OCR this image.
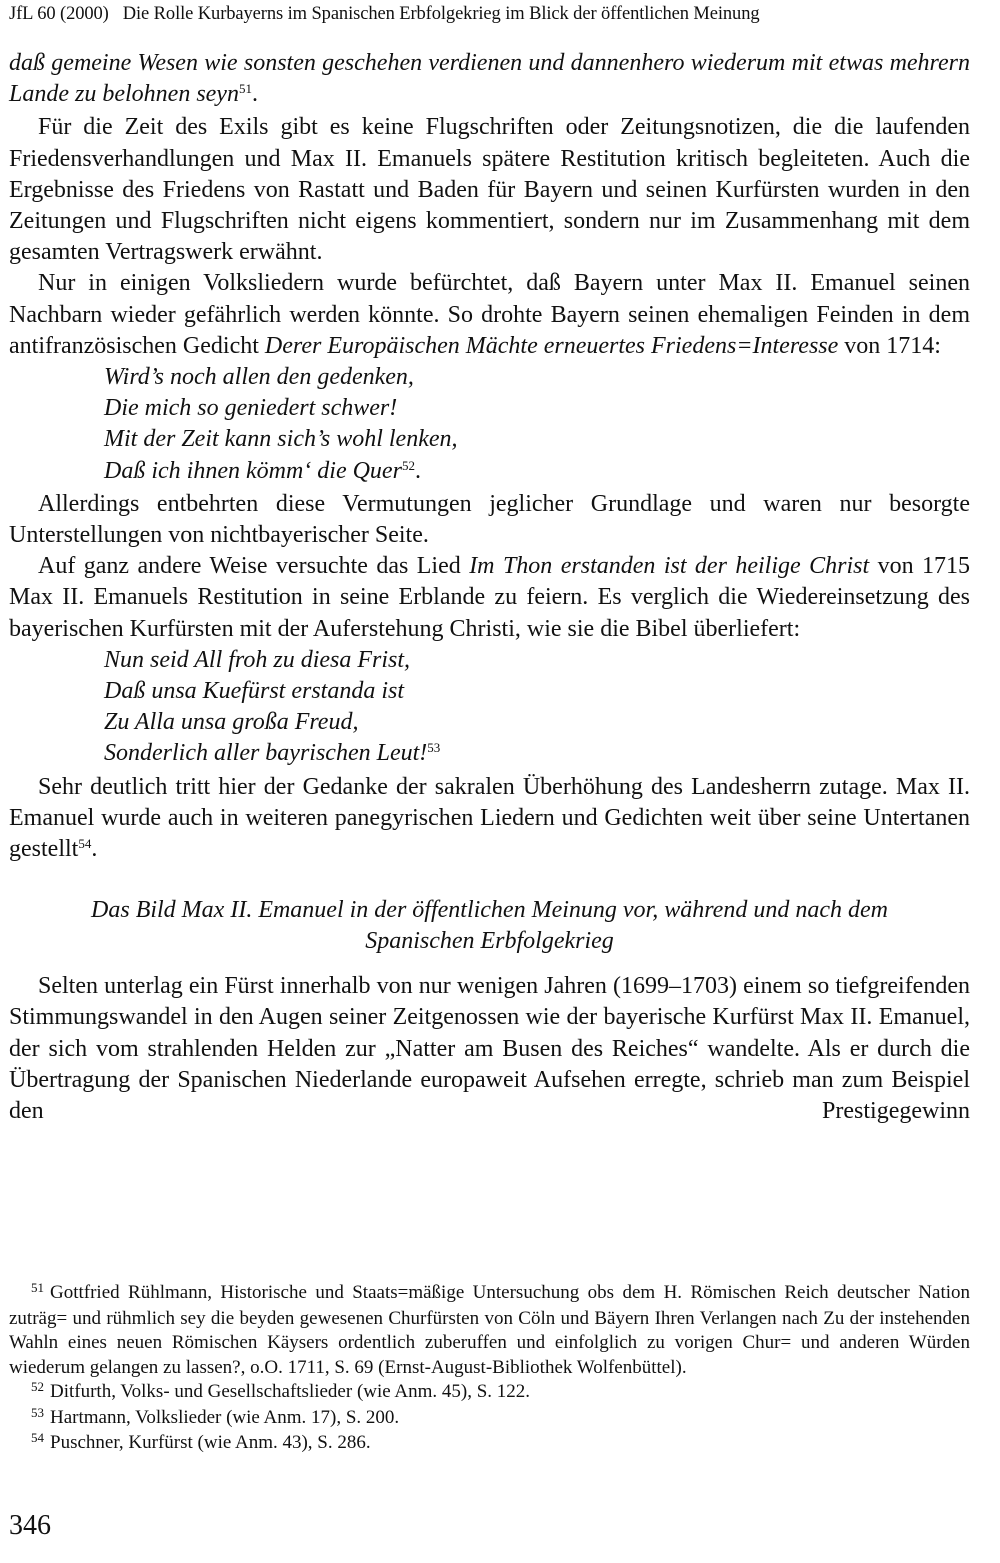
JfL 60 (2000) Die Rolle Kurbayerns im Spanischen Erbfolgekrieg im Blick der öffentlichen Meinung

daß gemeine Wesen wie sonsten geschehen verdienen und dannenhero wiederum mit etwas mehrern Lande zu belohnen seyn$^{51}$.

Für die Zeit des Exils gibt es keine Flugschriften oder Zeitungsnotizen, die die laufenden Friedensverhandlungen und Max II. Emanuels spätere Restitution kritisch begleiteten. Auch die Ergebnisse des Friedens von Rastatt und Baden für Bayern und seinen Kurfürsten wurden in den Zeitungen und Flugschriften nicht eigens kommentiert, sondern nur im Zusammenhang mit dem gesamten Vertragswerk erwähnt.

Nur in einigen Volksliedern wurde befürchtet, daß Bayern unter Max II. Emanuel seinen Nachbarn wieder gefährlich werden könnte. So drohte Bayern seinen ehemaligen Feinden in dem antifranzösischen Gedicht Derer Europäischen Mächte erneuertes Friedens=Interesse von 1714:

Wird’s noch allen den gedenken,
Die mich so geniedert schwer!
Mit der Zeit kann sich’s wohl lenken,
Daß ich ihnen kömm‘ die Quer$^{52}$.

Allerdings entbehrten diese Vermutungen jeglicher Grundlage und waren nur besorgte Unterstellungen von nichtbayerischer Seite.

Auf ganz andere Weise versuchte das Lied Im Thon erstanden ist der heilige Christ von 1715 Max II. Emanuels Restitution in seine Erblande zu feiern. Es verglich die Wiedereinsetzung des bayerischen Kurfürsten mit der Auferstehung Christi, wie sie die Bibel überliefert:

Nun seid All froh zu diesa Frist,
Daß unsa Kuefürst erstanda ist
Zu Alla unsa großa Freud,
Sonderlich aller bayrischen Leut!$^{53}$

Sehr deutlich tritt hier der Gedanke der sakralen Überhöhung des Landesherrn zutage. Max II. Emanuel wurde auch in weiteren panegyrischen Liedern und Gedichten weit über seine Untertanen gestellt$^{54}$.

Das Bild Max II. Emanuel in der öffentlichen Meinung vor, während und nach dem
Spanischen Erbfolgekrieg

Selten unterlag ein Fürst innerhalb von nur wenigen Jahren (1699–1703) einem so tiefgreifenden Stimmungswandel in den Augen seiner Zeitgenossen wie der bayerische Kurfürst Max II. Emanuel, der sich vom strahlenden Helden zur „Natter am Busen des Reiches“ wandelte. Als er durch die Übertragung der Spanischen Niederlande europaweit Aufsehen erregte, schrieb man zum Beispiel den Prestigegewinn

$^{51}$ Gottfried Rühlmann, Historische und Staats=mäßige Untersuchung obs dem H. Römischen Reich deutscher Nation zuträg= und rühmlich sey die beyden gewesenen Churfürsten von Cöln und Bäyern Ihren Verlangen nach Zu der instehenden Wahln eines neuen Römischen Käysers ordentlich zuberuffen und einfolglich zu vorigen Chur= und anderen Würden wiederum gelangen zu lassen?, o.O. 1711, S. 69 (Ernst-August-Bibliothek Wolfenbüttel).

$^{52}$ Ditfurth, Volks- und Gesellschaftslieder (wie Anm. 45), S. 122.

$^{53}$ Hartmann, Volkslieder (wie Anm. 17), S. 200.

$^{54}$ Puschner, Kurfürst (wie Anm. 43), S. 286.

346
